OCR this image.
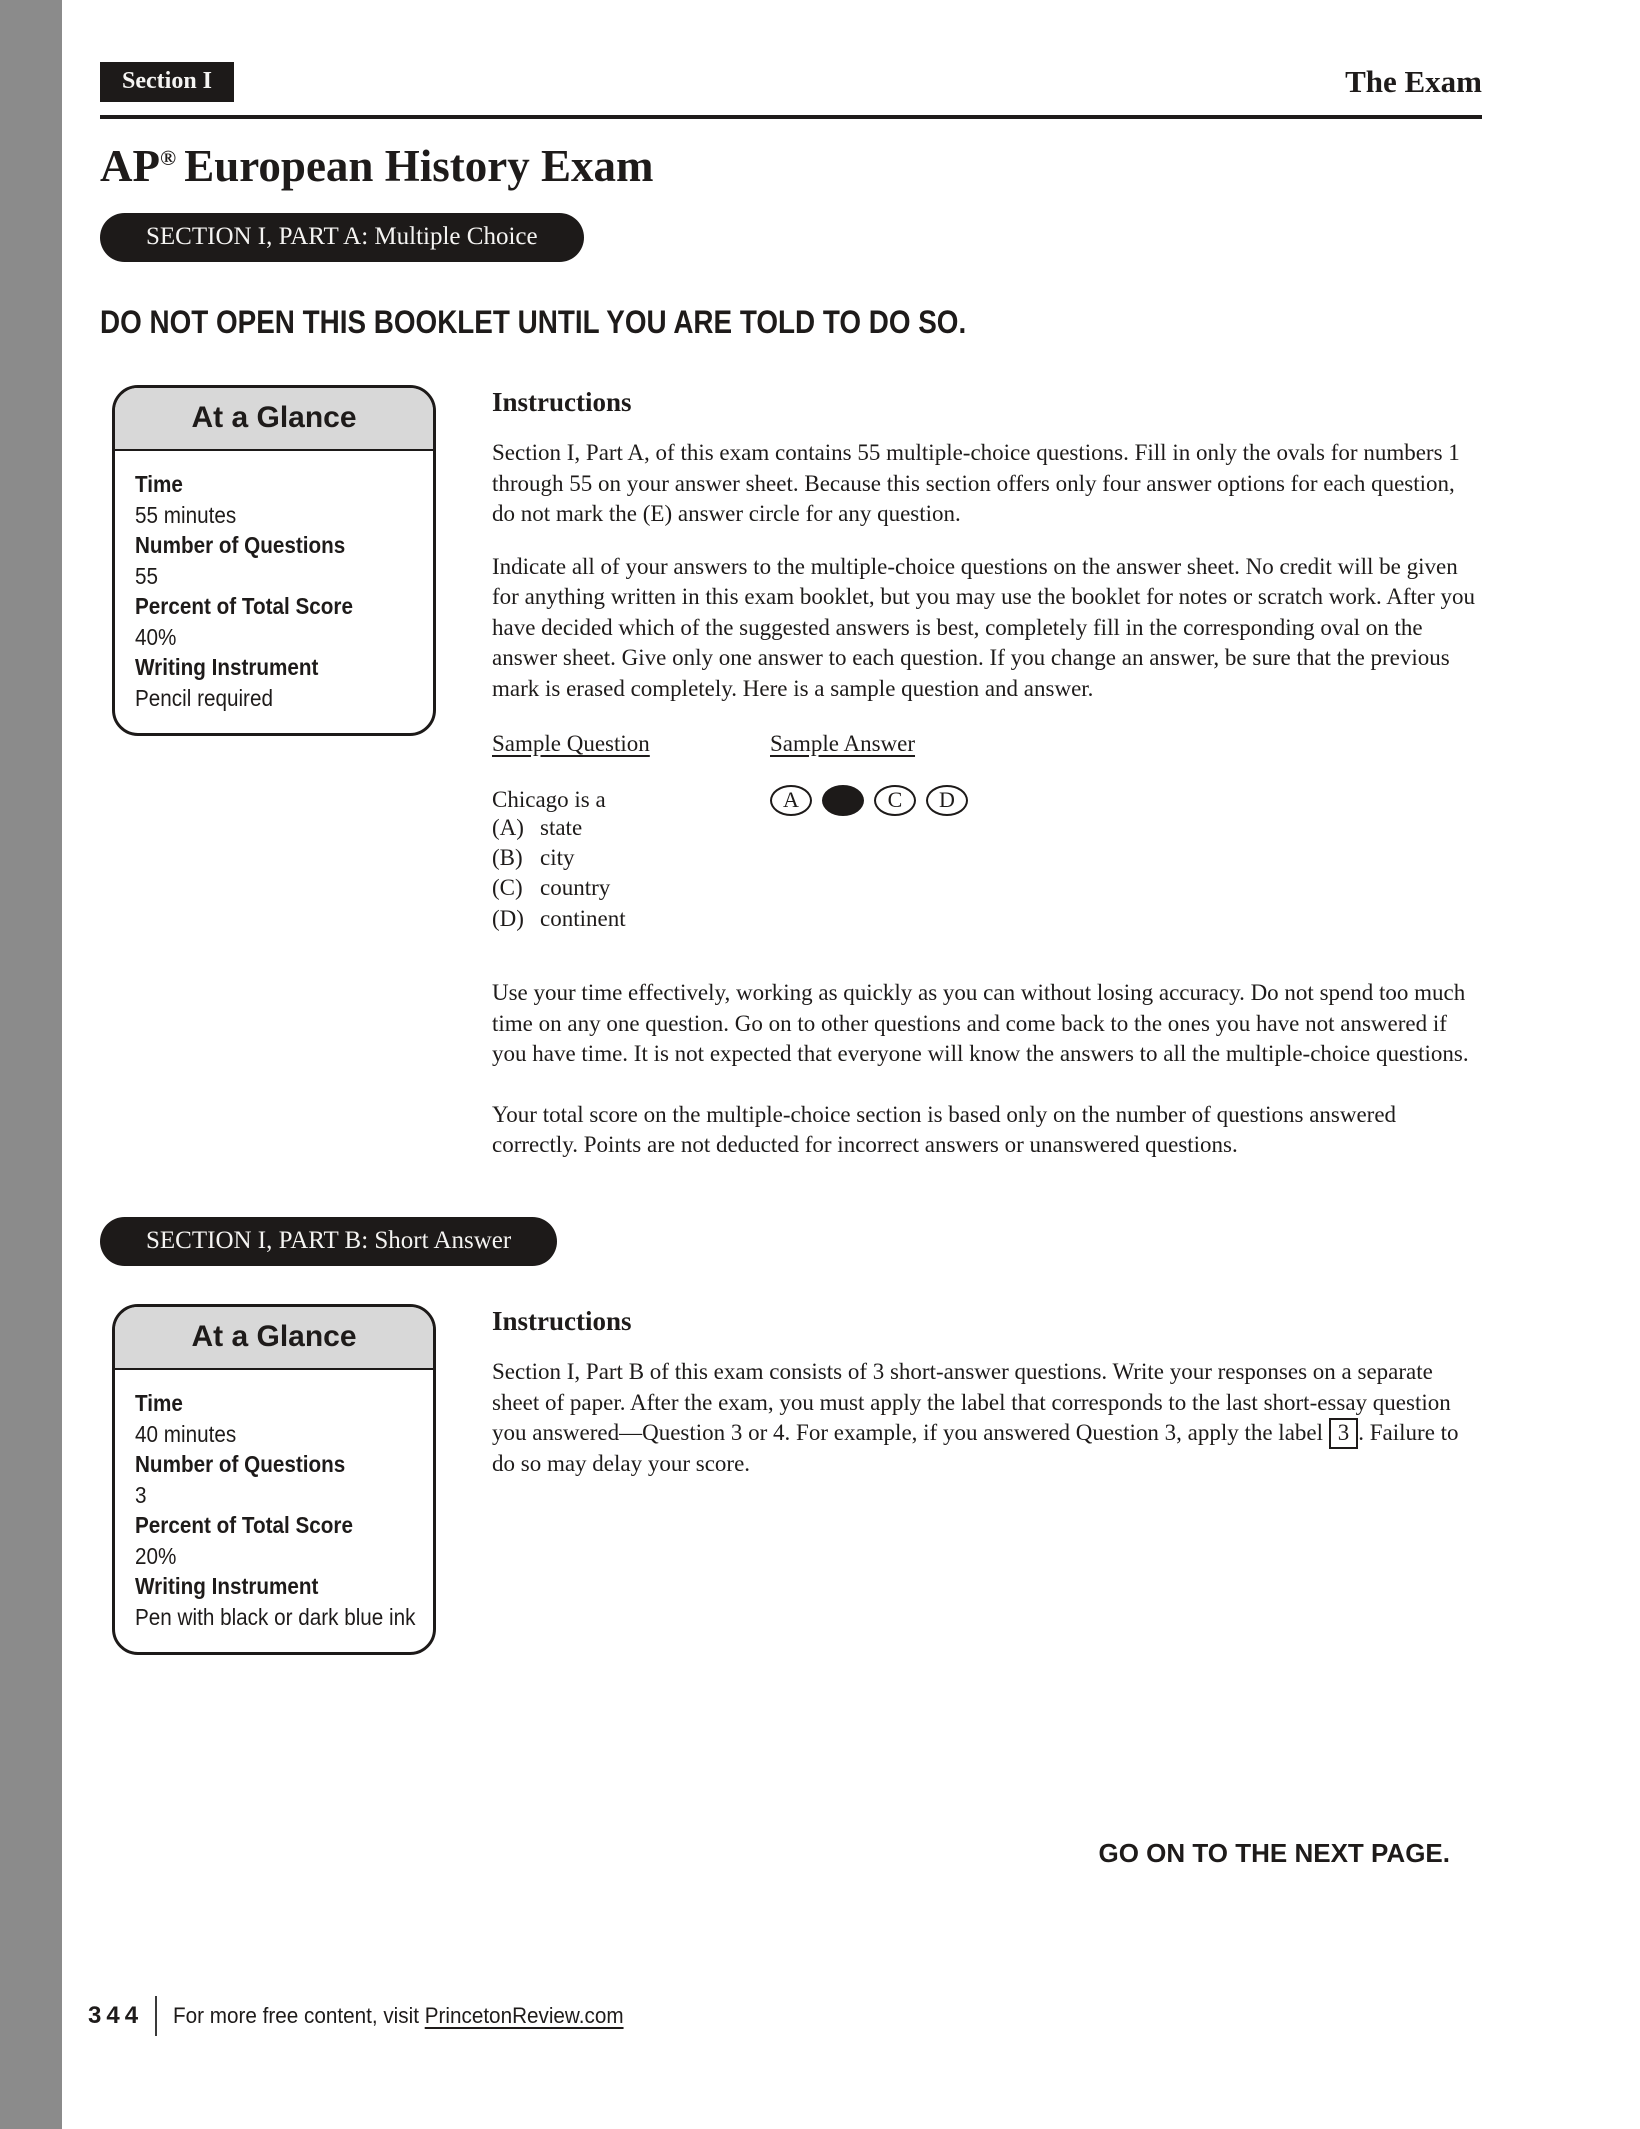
Section I	The Exam
AP® European History Exam
SECTION I, PART A: Multiple Choice
DO NOT OPEN THIS BOOKLET UNTIL YOU ARE TOLD TO DO SO.
At a Glance
Time
55 minutes
Number of Questions
55
Percent of Total Score
40%
Writing Instrument
Pencil required
Instructions
Section I, Part A, of this exam contains 55 multiple-choice questions. Fill in only the ovals for numbers 1 through 55 on your answer sheet. Because this section offers only four answer options for each question, do not mark the (E) answer circle for any question.
Indicate all of your answers to the multiple-choice questions on the answer sheet. No credit will be given for anything written in this exam booklet, but you may use the booklet for notes or scratch work. After you have decided which of the suggested answers is best, completely fill in the corresponding oval on the answer sheet. Give only one answer to each question. If you change an answer, be sure that the previous mark is erased completely. Here is a sample question and answer.
Sample Question
Chicago is a
(A) state
(B) city
(C) country
(D) continent
Sample Answer
A	C	D
Use your time effectively, working as quickly as you can without losing accuracy. Do not spend too much time on any one question. Go on to other questions and come back to the ones you have not answered if you have time. It is not expected that everyone will know the answers to all the multiple-choice questions.
Your total score on the multiple-choice section is based only on the number of questions answered correctly. Points are not deducted for incorrect answers or unanswered questions.
SECTION I, PART B: Short Answer
At a Glance
Time
40 minutes
Number of Questions
3
Percent of Total Score
20%
Writing Instrument
Pen with black or dark blue ink
Instructions
Section I, Part B of this exam consists of 3 short-answer questions. Write your responses on a separate sheet of paper. After the exam, you must apply the label that corresponds to the last short-essay question you answered—Question 3 or 4. For example, if you answered Question 3, apply the label 3 . Failure to do so may delay your score.
GO ON TO THE NEXT PAGE.
344 For more free content, visit PrincetonReview.com
